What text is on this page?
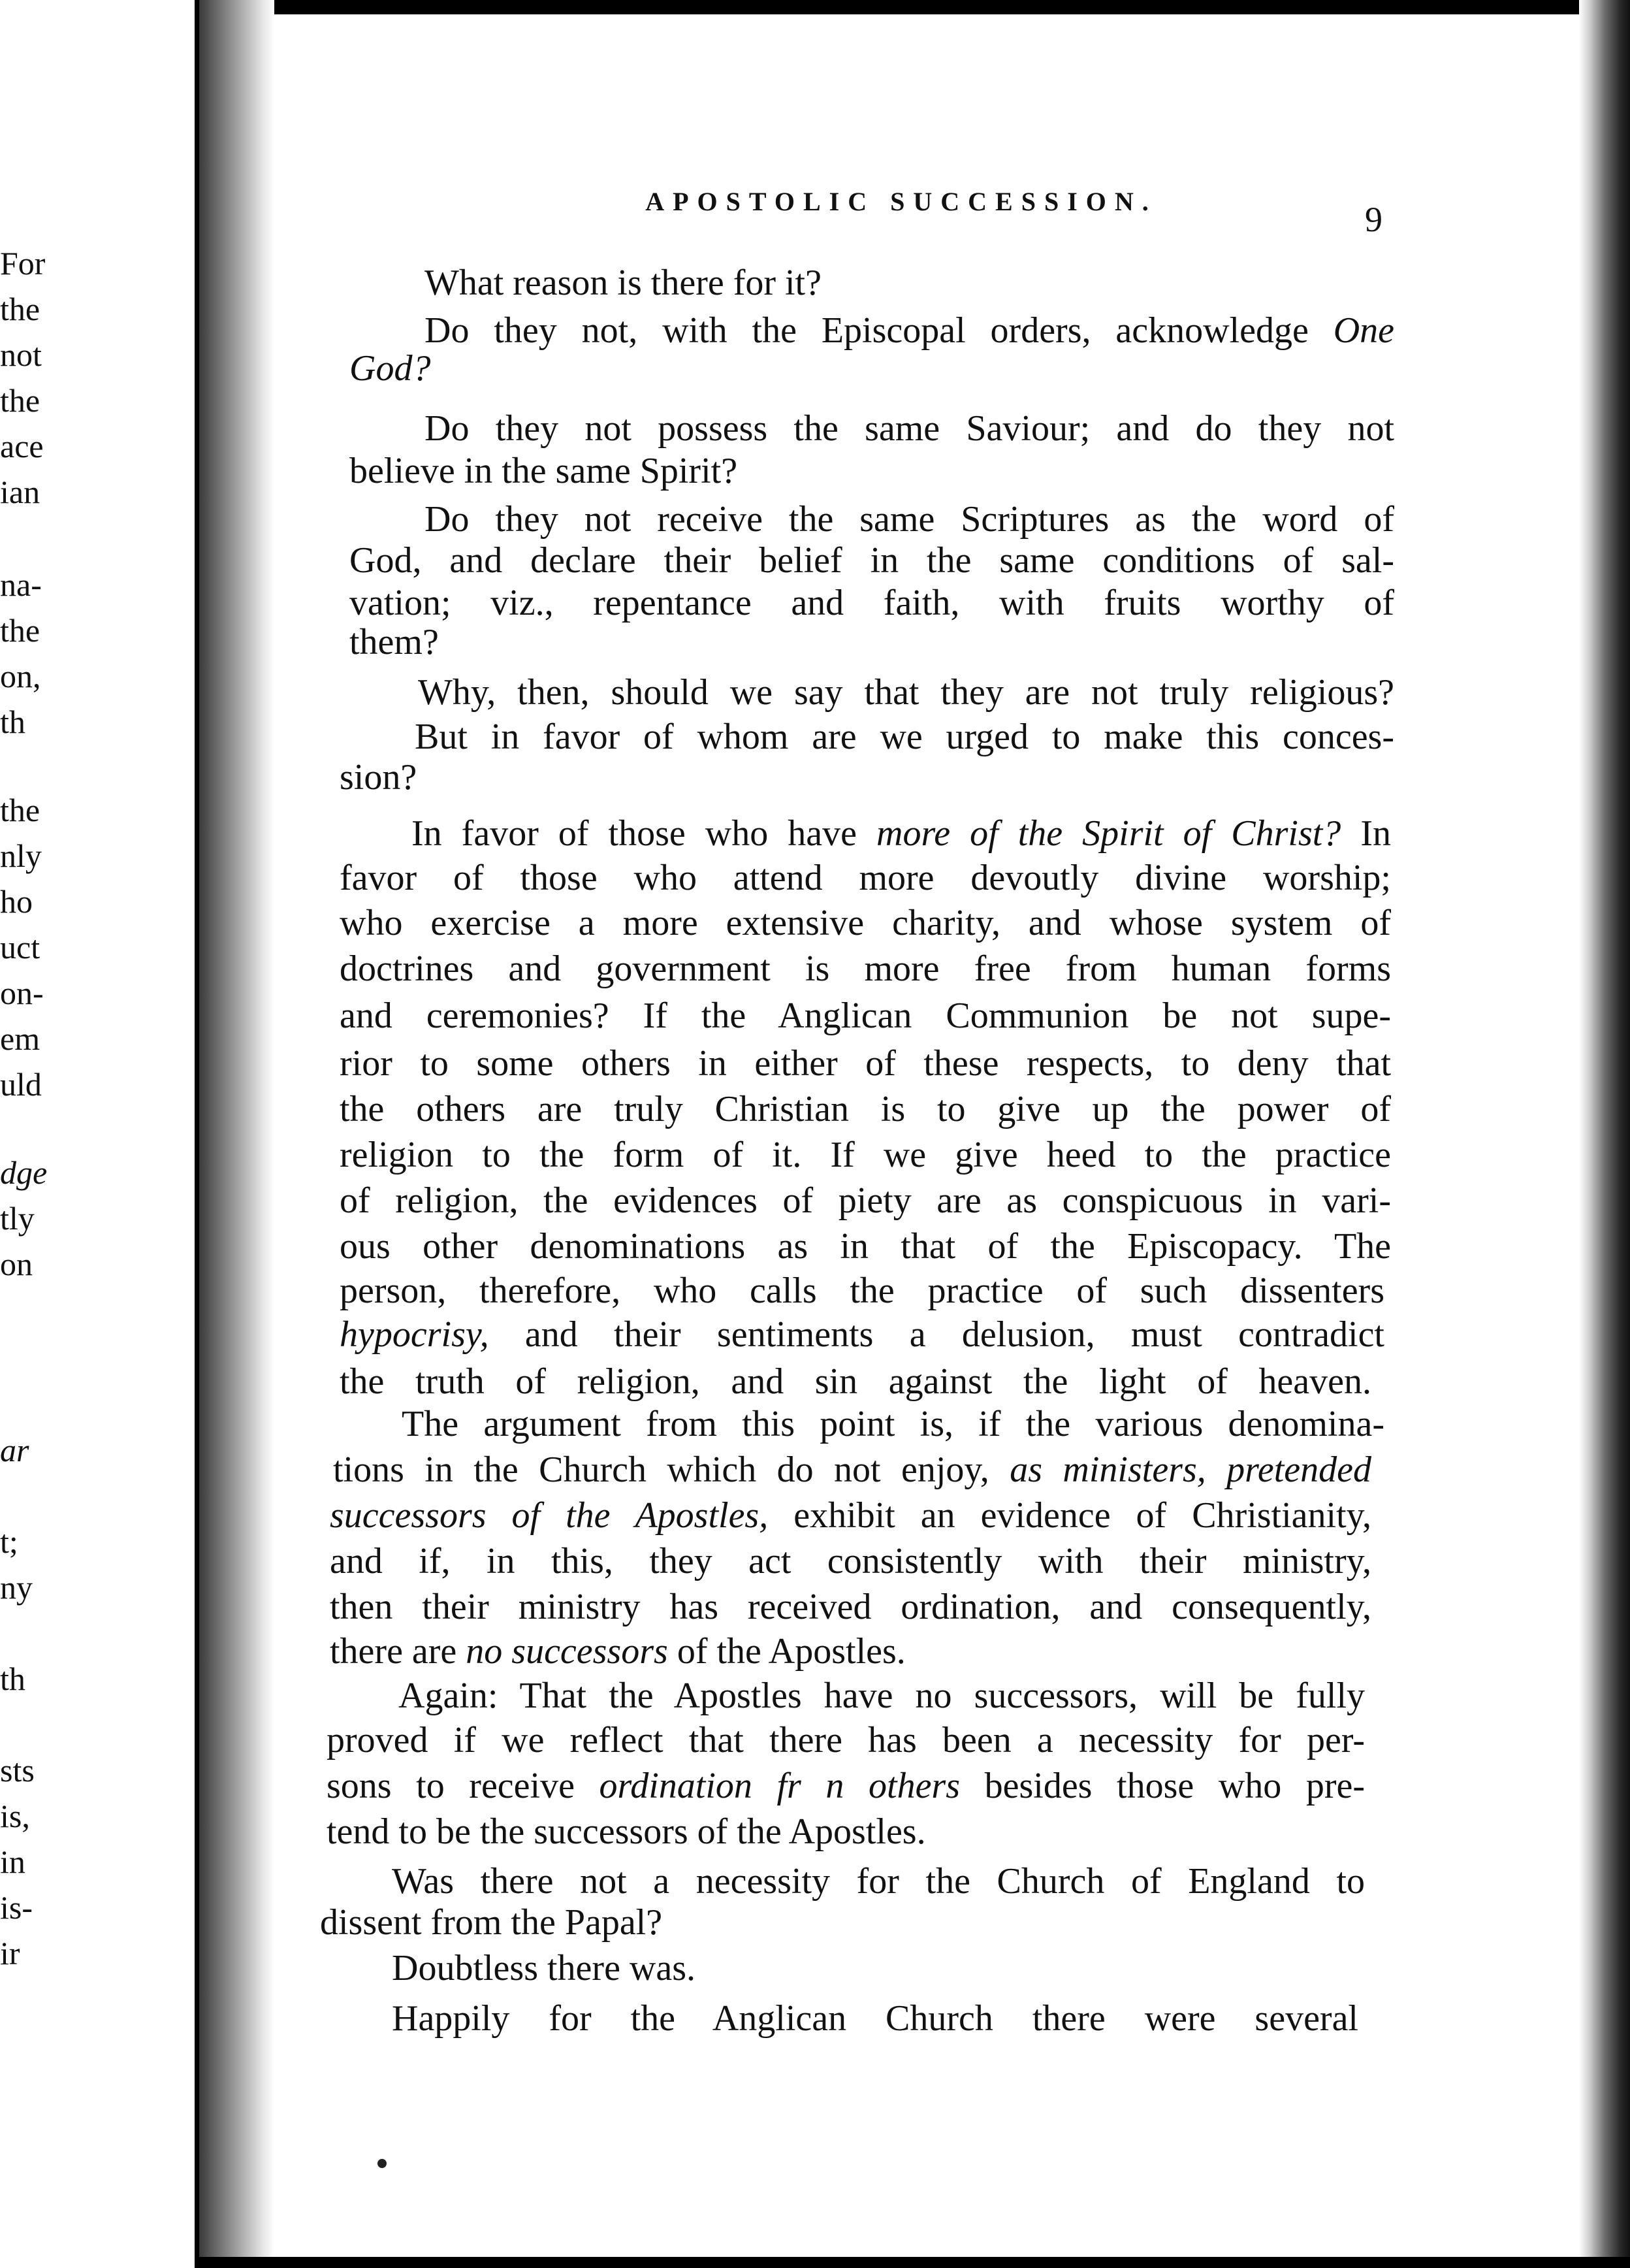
For
the
not
the
ace
ian
na-
the
on,
th
the
nly
ho
uct
on-
em
uld
dge
tly
on
ar
t;
ny
th
sts
is,
in
is-
ir
APOSTOLIC SUCCESSION.	9
What reason is there for it?
Do they not, with the Episcopal orders, acknowledge One
God?
Do they not possess the same Saviour; and do they not
believe in the same Spirit?
Do they not receive the same Scriptures as the word of
God, and declare their belief in the same conditions of sal-
vation; viz., repentance and faith, with fruits worthy of
them?
Why, then, should we say that they are not truly religious?
But in favor of whom are we urged to make this conces-
sion?
In favor of those who have more of the Spirit of Christ? In
favor of those who attend more devoutly divine worship;
who exercise a more extensive charity, and whose system of
doctrines and government is more free from human forms
and ceremonies? If the Anglican Communion be not supe-
rior to some others in either of these respects, to deny that
the others are truly Christian is to give up the power of
religion to the form of it. If we give heed to the practice
of religion, the evidences of piety are as conspicuous in vari-
ous other denominations as in that of the Episcopacy. The
person, therefore, who calls the practice of such dissenters
hypocrisy, and their sentiments a delusion, must contradict
the truth of religion, and sin against the light of heaven.
The argument from this point is, if the various denomina-
tions in the Church which do not enjoy, as ministers, pretended
successors of the Apostles, exhibit an evidence of Christianity,
and if, in this, they act consistently with their ministry,
then their ministry has received ordination, and consequently,
there are no successors of the Apostles.
Again: That the Apostles have no successors, will be fully
proved if we reflect that there has been a necessity for per-
sons to receive ordination fr n others besides those who pre-
tend to be the successors of the Apostles.
Was there not a necessity for the Church of England to
dissent from the Papal?
Doubtless there was.
Happily for the Anglican Church there were several
